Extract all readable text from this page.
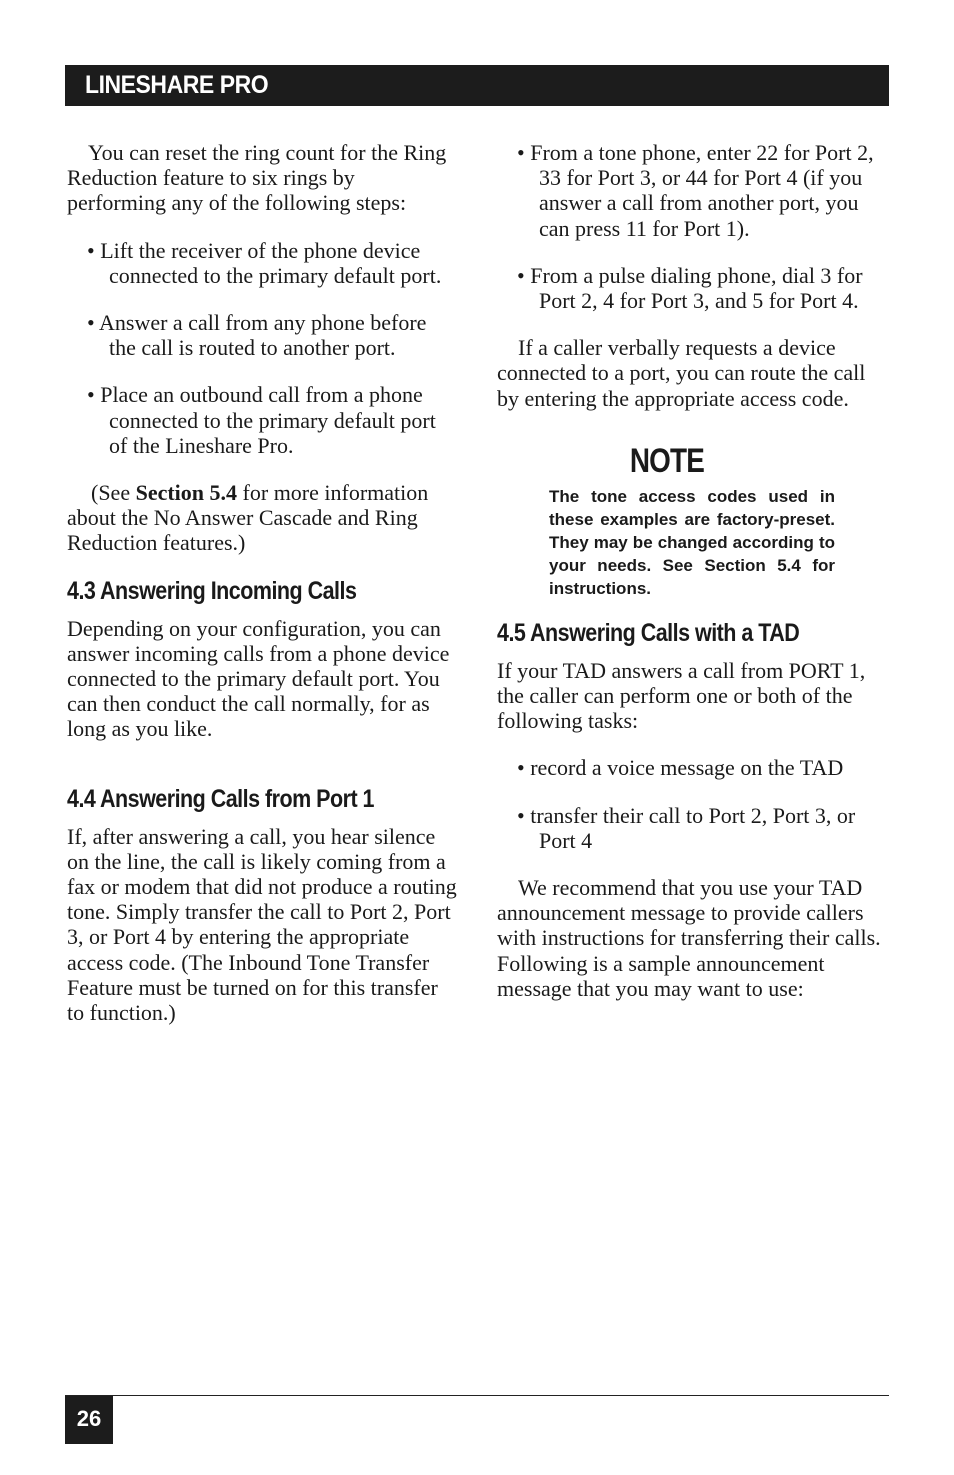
LINESHARE PRO

You can reset the ring count for the Ring Reduction feature to six rings by performing any of the following steps:

• Lift the receiver of the phone device connected to the primary default port.

• Answer a call from any phone before the call is routed to another port.

• Place an outbound call from a phone connected to the primary default port of the Lineshare Pro.

(See Section 5.4 for more information about the No Answer Cascade and Ring Reduction features.)

4.3 Answering Incoming Calls

Depending on your configuration, you can answer incoming calls from a phone device connected to the primary default port. You can then conduct the call normally, for as long as you like.

4.4 Answering Calls from Port 1

If, after answering a call, you hear silence on the line, the call is likely coming from a fax or modem that did not produce a routing tone. Simply transfer the call to Port 2, Port 3, or Port 4 by entering the appropriate access code. (The Inbound Tone Transfer Feature must be turned on for this transfer to function.)

• From a tone phone, enter 22 for Port 2, 33 for Port 3, or 44 for Port 4 (if you answer a call from another port, you can press 11 for Port 1).

• From a pulse dialing phone, dial 3 for Port 2, 4 for Port 3, and 5 for Port 4.

If a caller verbally requests a device connected to a port, you can route the call by entering the appropriate access code.

NOTE

The tone access codes used in these examples are factory-preset. They may be changed according to your needs. See Section 5.4 for instructions.

4.5 Answering Calls with a TAD

If your TAD answers a call from PORT 1, the caller can perform one or both of the following tasks:

• record a voice message on the TAD

• transfer their call to Port 2, Port 3, or Port 4

We recommend that you use your TAD announcement message to provide callers with instructions for transferring their calls. Following is a sample announcement message that you may want to use:

26
